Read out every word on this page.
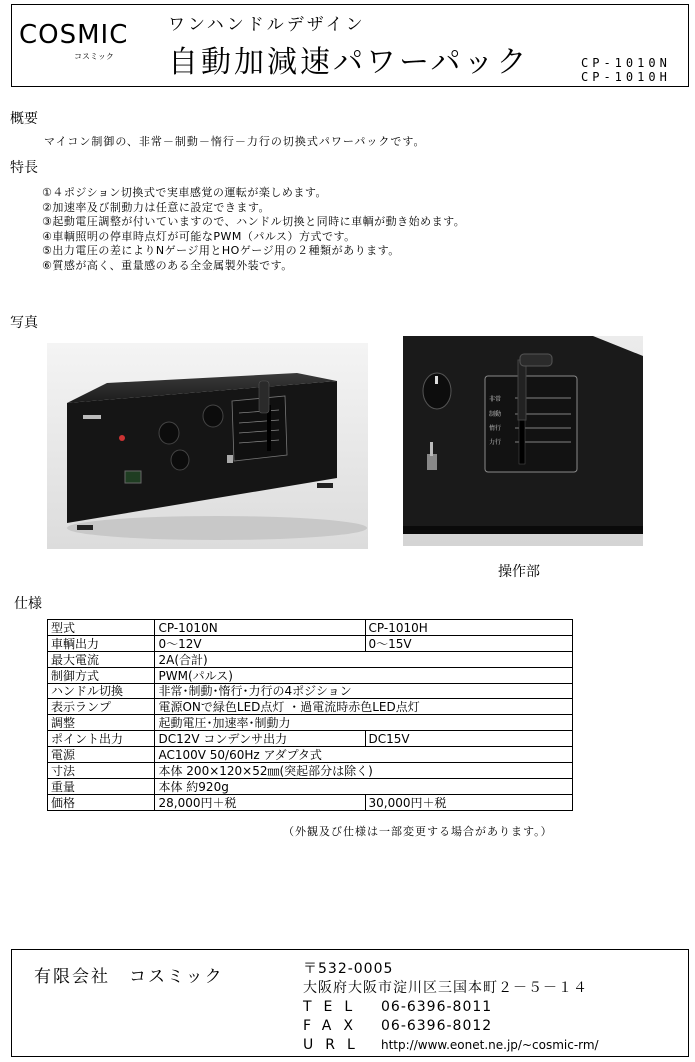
COSMIC
コスミック
ワンハンドルデザイン
自動加減速パワーパック	CP-1010N
CP-1010H
概要
マイコン制御の、非常－制動－惰行－力行の切換式パワーパックです。
特長
①４ポジション切換式で実車感覚の運転が楽しめます。
②加速率及び制動力は任意に設定できます。
③起動電圧調整が付いていますので、ハンドル切換と同時に車輌が動き始めます。
④車輌照明の停車時点灯が可能なPWM（パルス）方式です。
⑤出力電圧の差によりNゲージ用とHOゲージ用の２種類があります。
⑥質感が高く、重量感のある全金属製外装です。
写真
非常
制動
惰行
力行
操作部
仕様
型式	CP-1010N	CP-1010H
車輌出力	0～12V	0～15V
最大電流	2A(合計)	
制御方式	PWM(パルス)	
ハンドル切換	非常･制動･惰行･力行の4ポジション	
表示ランプ	電源ONで緑色LED点灯 ・過電流時赤色LED点灯	
調整	起動電圧･加速率･制動力	
ポイント出力	DC12V コンデンサ出力	DC15V
電源	AC100V 50/60Hz アダプタ式	
寸法	本体 200×120×52㎜(突起部分は除く)	
重量	本体 約920g	
価格	28,000円＋税	30,000円＋税
（外観及び仕様は一部変更する場合があります。）
有限会社　コスミック	〒532-0005
大阪府大阪市淀川区三国本町２－５－１４
TEL 06-6396-8011
FAX 06-6396-8012
URL http://www.eonet.ne.jp/~cosmic-rm/
